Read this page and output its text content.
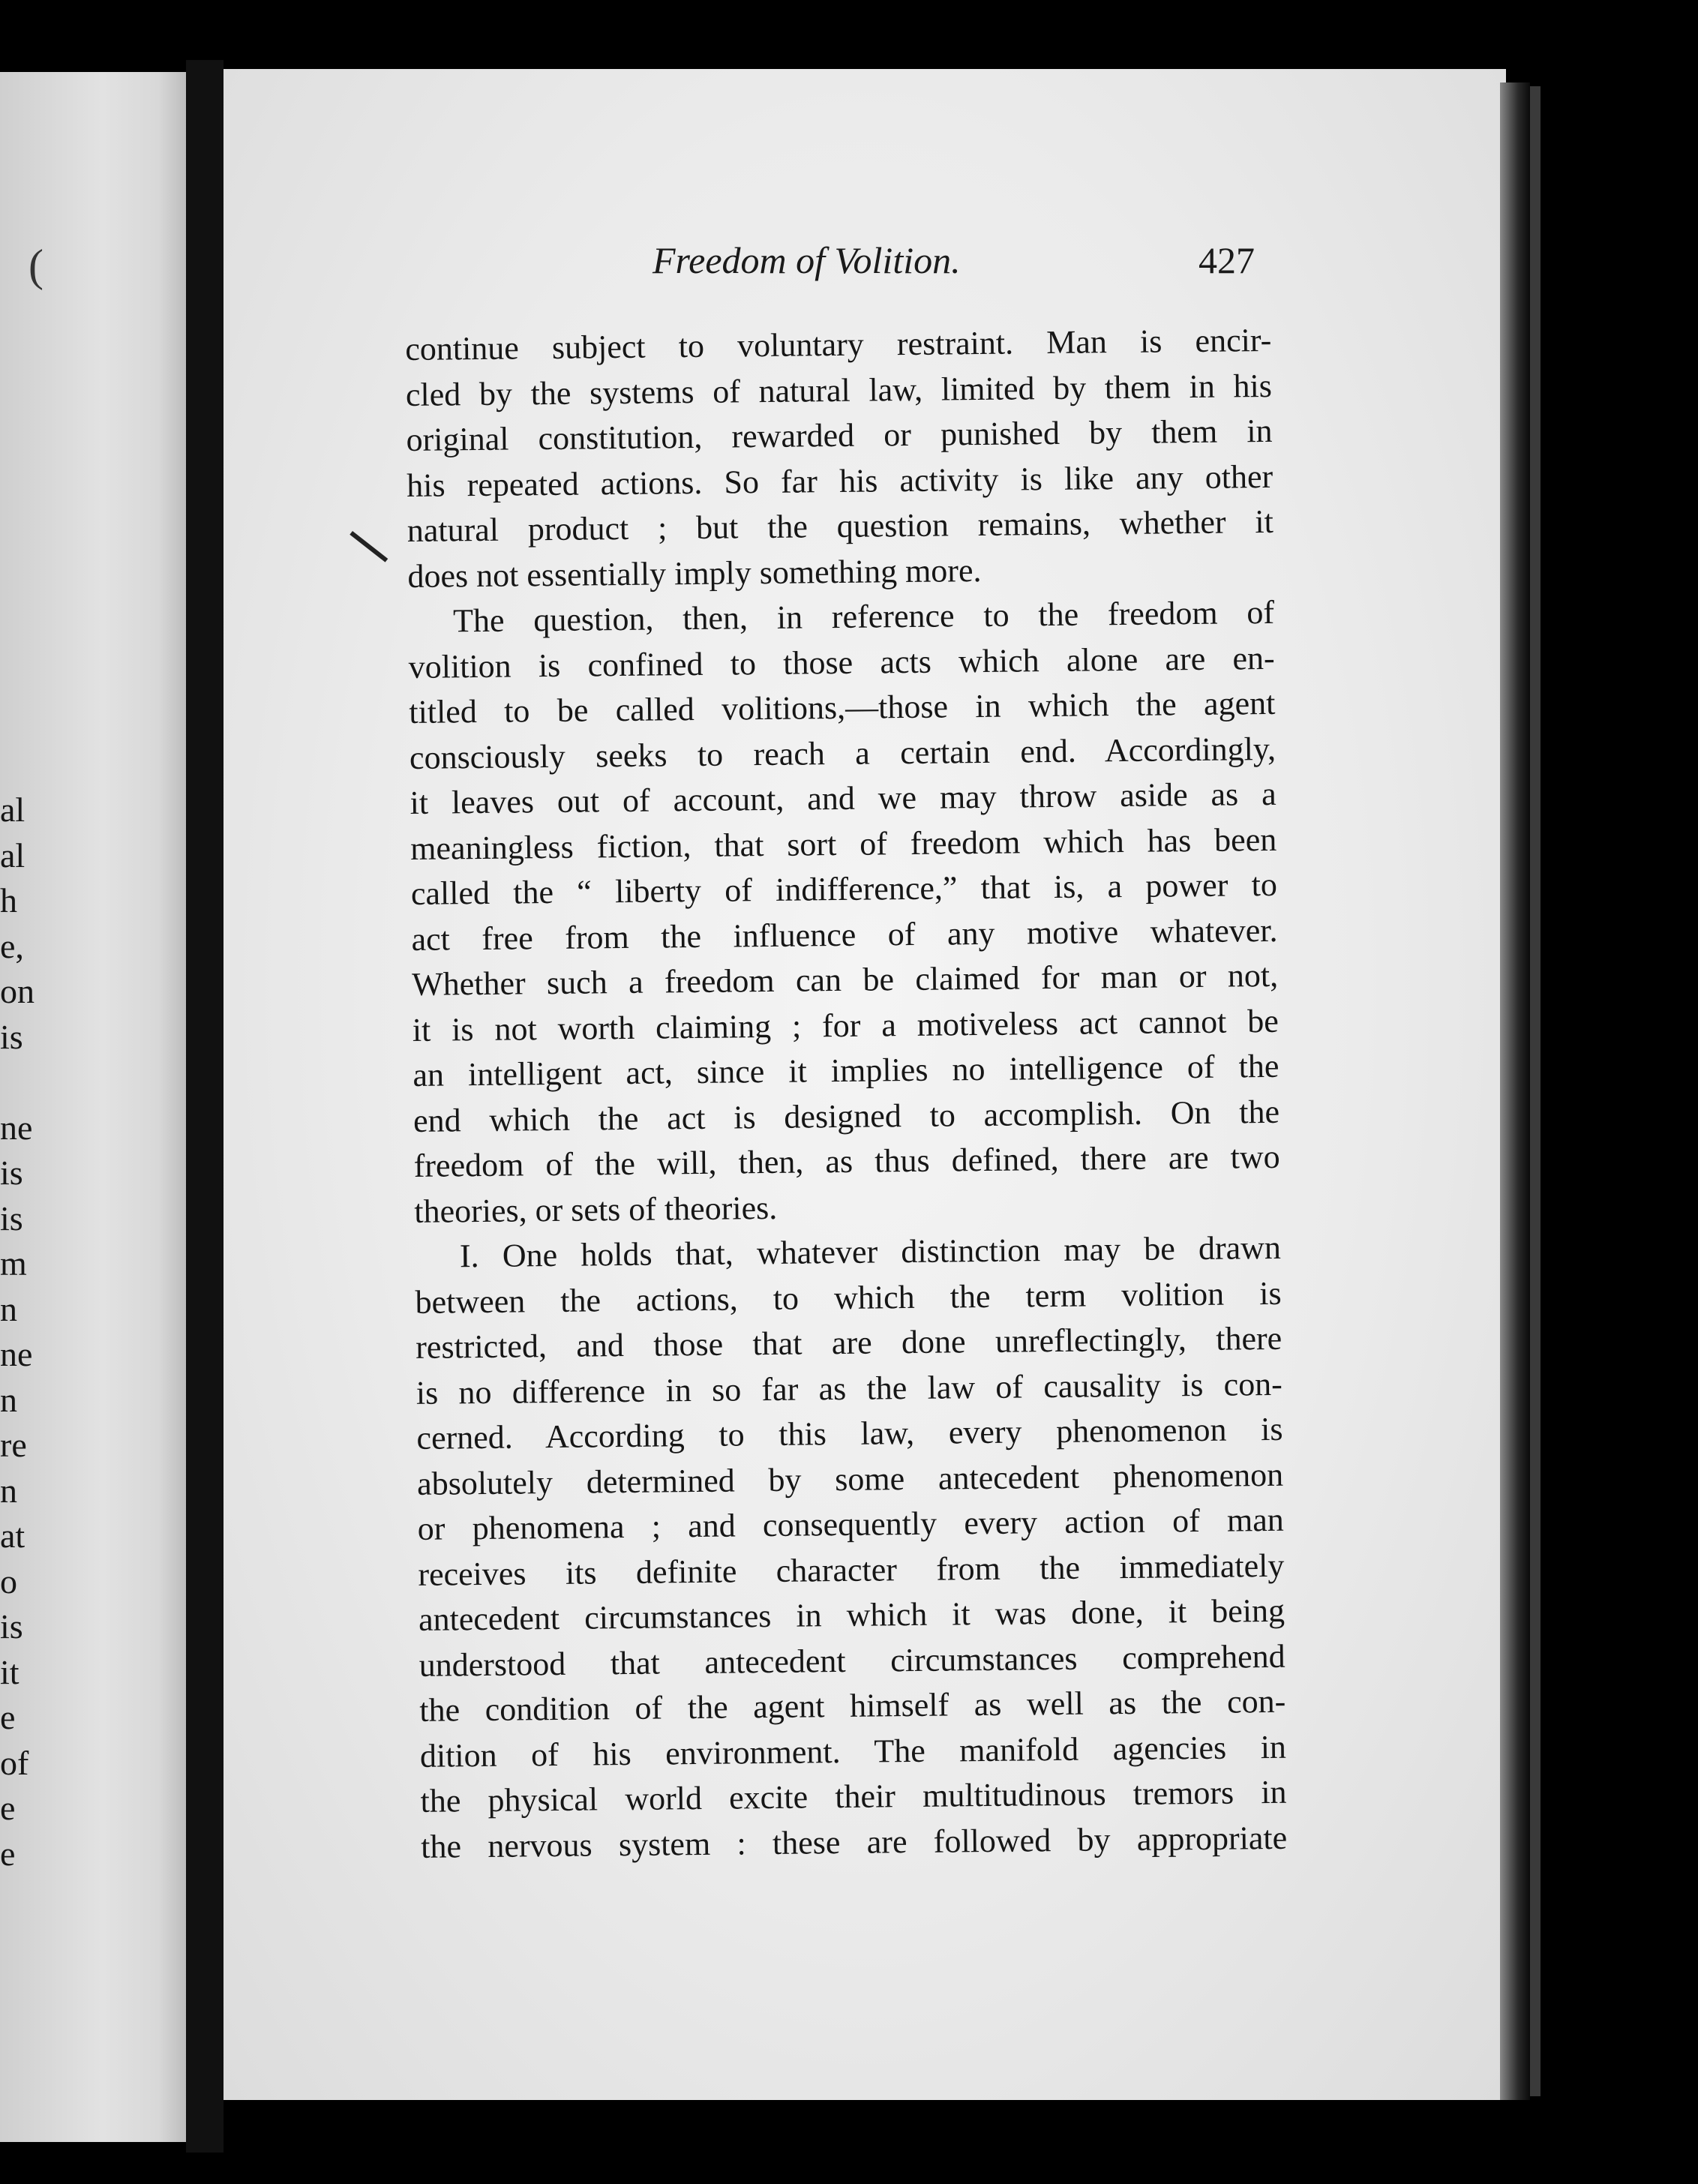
(
al
al
h
e,
on
is
ne
is
is
m
n
ne
n
re
n
at
o
is
it
e
of
e
e
Freedom of Volition.	427
continue subject to voluntary restraint. Man is encir-
cled by the systems of natural law, limited by them in his
original constitution, rewarded or punished by them in
his repeated actions. So far his activity is like any other
natural product ; but the question remains, whether it
does not essentially imply something more.
The question, then, in reference to the freedom of
volition is confined to those acts which alone are en-
titled to be called volitions,—those in which the agent
consciously seeks to reach a certain end. Accordingly,
it leaves out of account, and we may throw aside as a
meaningless fiction, that sort of freedom which has been
called the “ liberty of indifference,” that is, a power to
act free from the influence of any motive whatever.
Whether such a freedom can be claimed for man or not,
it is not worth claiming ; for a motiveless act cannot be
an intelligent act, since it implies no intelligence of the
end which the act is designed to accomplish. On the
freedom of the will, then, as thus defined, there are two
theories, or sets of theories.
I. One holds that, whatever distinction may be drawn
between the actions, to which the term volition is
restricted, and those that are done unreflectingly, there
is no difference in so far as the law of causality is con-
cerned. According to this law, every phenomenon is
absolutely determined by some antecedent phenomenon
or phenomena ; and consequently every action of man
receives its definite character from the immediately
antecedent circumstances in which it was done, it being
understood that antecedent circumstances comprehend
the condition of the agent himself as well as the con-
dition of his environment. The manifold agencies in
the physical world excite their multitudinous tremors in
the nervous system : these are followed by appropriate
